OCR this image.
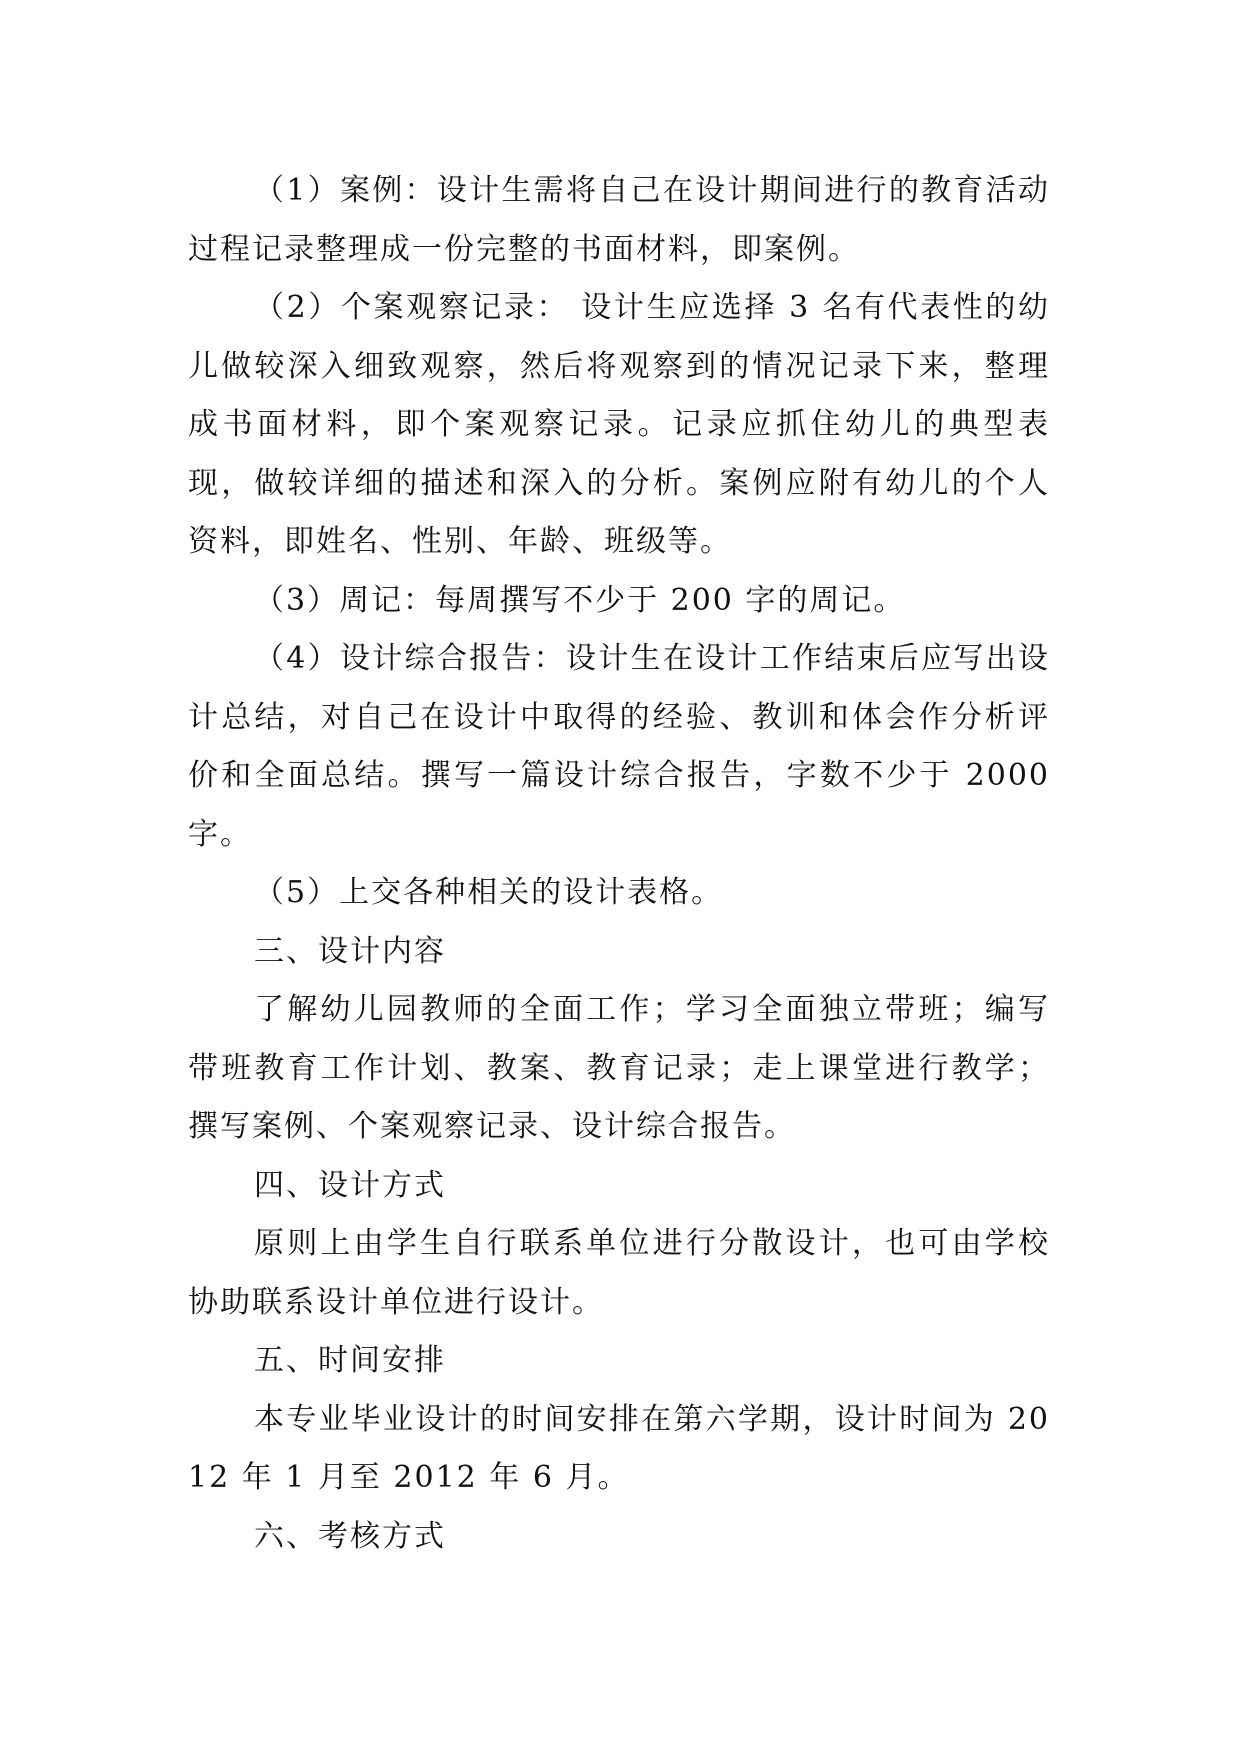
（1）案例：设计生需将自己在设计期间进行的教育活动过程记录整理成一份完整的书面材料，即案例。

（2）个案观察记录： 设计生应选择 3 名有代表性的幼儿做较深入细致观察，然后将观察到的情况记录下来，整理成书面材料，即个案观察记录。记录应抓住幼儿的典型表现，做较详细的描述和深入的分析。案例应附有幼儿的个人资料，即姓名、性别、年龄、班级等。

（3）周记：每周撰写不少于 200 字的周记。

（4）设计综合报告：设计生在设计工作结束后应写出设计总结，对自己在设计中取得的经验、教训和体会作分析评价和全面总结。撰写一篇设计综合报告，字数不少于 2000 字。

（5）上交各种相关的设计表格。

三、设计内容

了解幼儿园教师的全面工作；学习全面独立带班；编写带班教育工作计划、教案、教育记录；走上课堂进行教学；撰写案例、个案观察记录、设计综合报告。

四、设计方式

原则上由学生自行联系单位进行分散设计，也可由学校协助联系设计单位进行设计。

五、时间安排

本专业毕业设计的时间安排在第六学期，设计时间为 2012 年 1 月至 2012 年 6 月。

六、考核方式
